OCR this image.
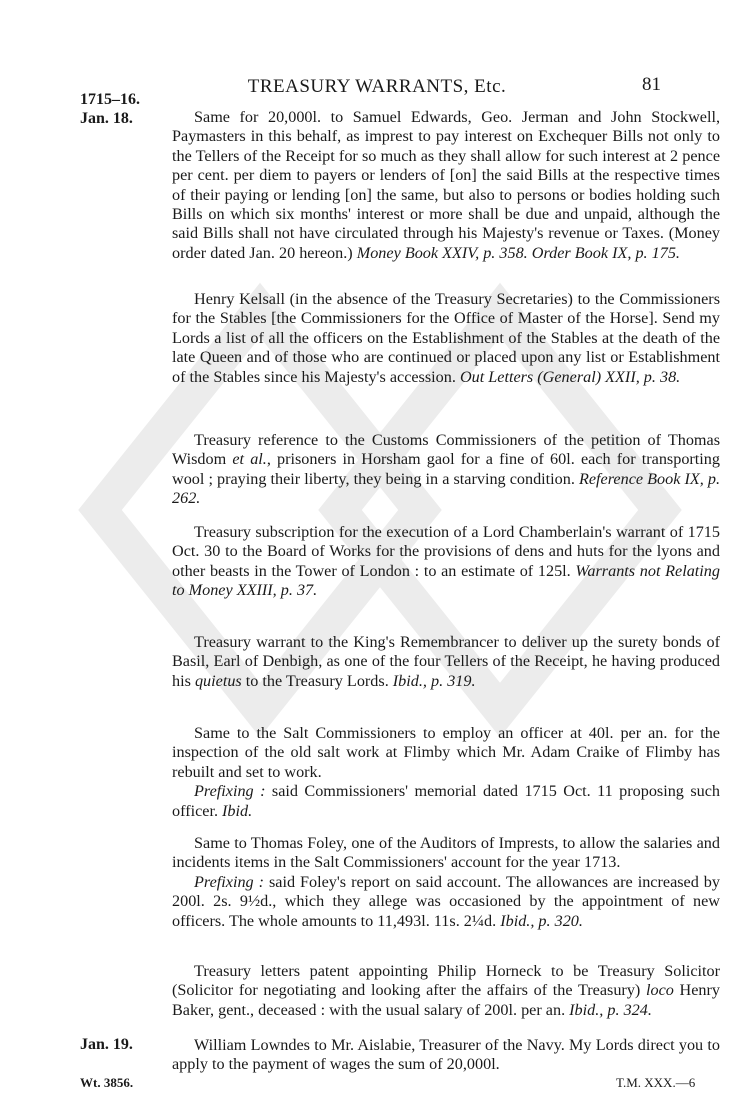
TREASURY WARRANTS, Etc.	81
1715–16.
Jan. 18.	Same for 20,000l. to Samuel Edwards, Geo. Jerman and John Stockwell, Paymasters in this behalf, as imprest to pay interest on Exchequer Bills not only to the Tellers of the Receipt for so much as they shall allow for such interest at 2 pence per cent. per diem to payers or lenders of [on] the said Bills at the respective times of their paying or lending [on] the same, but also to persons or bodies holding such Bills on which six months' interest or more shall be due and unpaid, although the said Bills shall not have circulated through his Majesty's revenue or Taxes. (Money order dated Jan. 20 hereon.) Money Book XXIV, p. 358. Order Book IX, p. 175.

Henry Kelsall (in the absence of the Treasury Secretaries) to the Commissioners for the Stables [the Commissioners for the Office of Master of the Horse]. Send my Lords a list of all the officers on the Establishment of the Stables at the death of the late Queen and of those who are continued or placed upon any list or Establishment of the Stables since his Majesty's accession. Out Letters (General) XXII, p. 38.

Treasury reference to the Customs Commissioners of the petition of Thomas Wisdom et al., prisoners in Horsham gaol for a fine of 60l. each for transporting wool ; praying their liberty, they being in a starving condition. Reference Book IX, p. 262.

Treasury subscription for the execution of a Lord Chamberlain's warrant of 1715 Oct. 30 to the Board of Works for the provisions of dens and huts for the lyons and other beasts in the Tower of London : to an estimate of 125l. Warrants not Relating to Money XXIII, p. 37.

Treasury warrant to the King's Remembrancer to deliver up the surety bonds of Basil, Earl of Denbigh, as one of the four Tellers of the Receipt, he having produced his quietus to the Treasury Lords. Ibid., p. 319.

Same to the Salt Commissioners to employ an officer at 40l. per an. for the inspection of the old salt work at Flimby which Mr. Adam Craike of Flimby has rebuilt and set to work.

Prefixing : said Commissioners' memorial dated 1715 Oct. 11 proposing such officer. Ibid.

Same to Thomas Foley, one of the Auditors of Imprests, to allow the salaries and incidents items in the Salt Commissioners' account for the year 1713.

Prefixing : said Foley's report on said account. The allowances are increased by 200l. 2s. 9½d., which they allege was occasioned by the appointment of new officers. The whole amounts to 11,493l. 11s. 2¼d. Ibid., p. 320.

Treasury letters patent appointing Philip Horneck to be Treasury Solicitor (Solicitor for negotiating and looking after the affairs of the Treasury) loco Henry Baker, gent., deceased : with the usual salary of 200l. per an. Ibid., p. 324.

Jan. 19.	William Lowndes to Mr. Aislabie, Treasurer of the Navy. My Lords direct you to apply to the payment of wages the sum of 20,000l.

Wt. 3856.	T.M. XXX.—6
